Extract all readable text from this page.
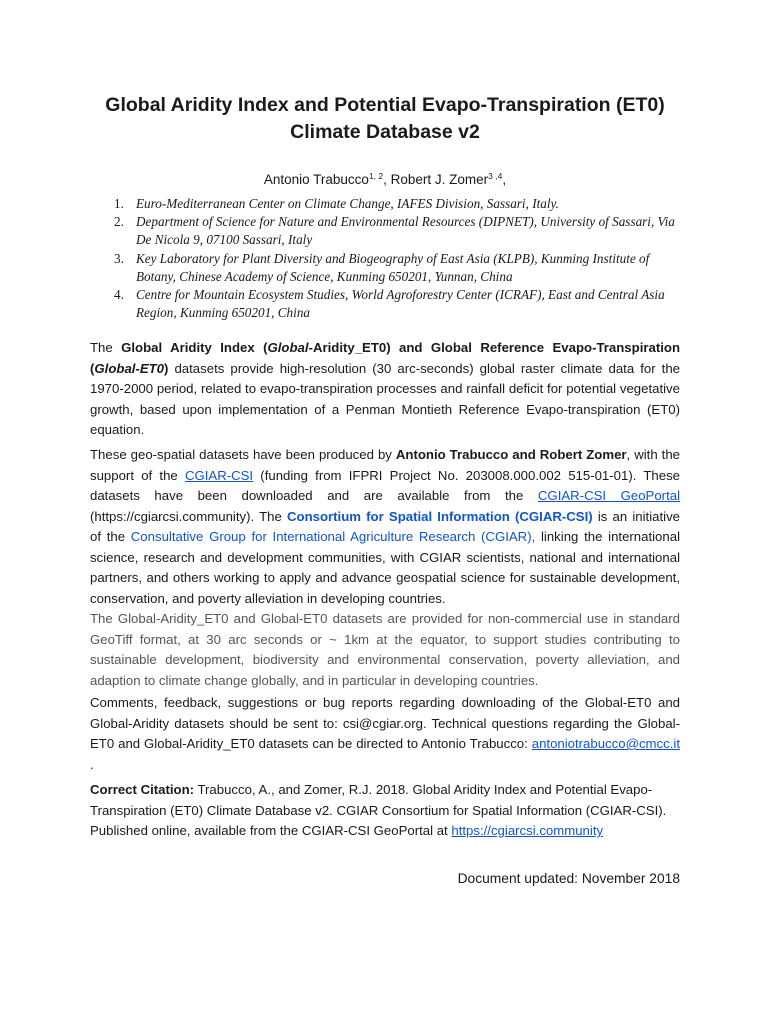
Global Aridity Index and Potential Evapo-Transpiration (ET0)
Climate Database v2
Antonio Trabucco$^{1, 2}$, Robert J. Zomer$^{3 ,4}$,
1. Euro-Mediterranean Center on Climate Change, IAFES Division, Sassari, Italy.
2. Department of Science for Nature and Environmental Resources (DIPNET), University of Sassari, Via De Nicola 9, 07100 Sassari, Italy
3. Key Laboratory for Plant Diversity and Biogeography of East Asia (KLPB), Kunming Institute of Botany, Chinese Academy of Science, Kunming 650201, Yunnan, China
4. Centre for Mountain Ecosystem Studies, World Agroforestry Center (ICRAF), East and Central Asia Region, Kunming 650201, China

The Global Aridity Index (Global-Aridity_ET0) and Global Reference Evapo-Transpiration (Global-ET0) datasets provide high-resolution (30 arc-seconds) global raster climate data for the 1970-2000 period, related to evapo-transpiration processes and rainfall deficit for potential vegetative growth, based upon implementation of a Penman Montieth Reference Evapo-transpiration (ET0) equation.

These geo-spatial datasets have been produced by Antonio Trabucco and Robert Zomer, with the support of the CGIAR-CSI (funding from IFPRI Project No. 203008.000.002 515-01-01). These datasets have been downloaded and are available from the CGIAR-CSI GeoPortal (https://cgiarcsi.community). The Consortium for Spatial Information (CGIAR-CSI) is an initiative of the Consultative Group for International Agriculture Research (CGIAR), linking the international science, research and development communities, with CGIAR scientists, national and international partners, and others working to apply and advance geospatial science for sustainable development, conservation, and poverty alleviation in developing countries.

The Global-Aridity_ET0 and Global-ET0 datasets are provided for non-commercial use in standard GeoTiff format, at 30 arc seconds or ~ 1km at the equator, to support studies contributing to sustainable development, biodiversity and environmental conservation, poverty alleviation, and adaption to climate change globally, and in particular in developing countries.

Comments, feedback, suggestions or bug reports regarding downloading of the Global-ET0 and Global-Aridity datasets should be sent to: csi@cgiar.org. Technical questions regarding the Global-ET0 and Global-Aridity_ET0 datasets can be directed to Antonio Trabucco: antoniotrabucco@cmcc.it .

Correct Citation: Trabucco, A., and Zomer, R.J. 2018. Global Aridity Index and Potential Evapo-Transpiration (ET0) Climate Database v2. CGIAR Consortium for Spatial Information (CGIAR-CSI). Published online, available from the CGIAR-CSI GeoPortal at https://cgiarcsi.community

Document updated: November 2018
